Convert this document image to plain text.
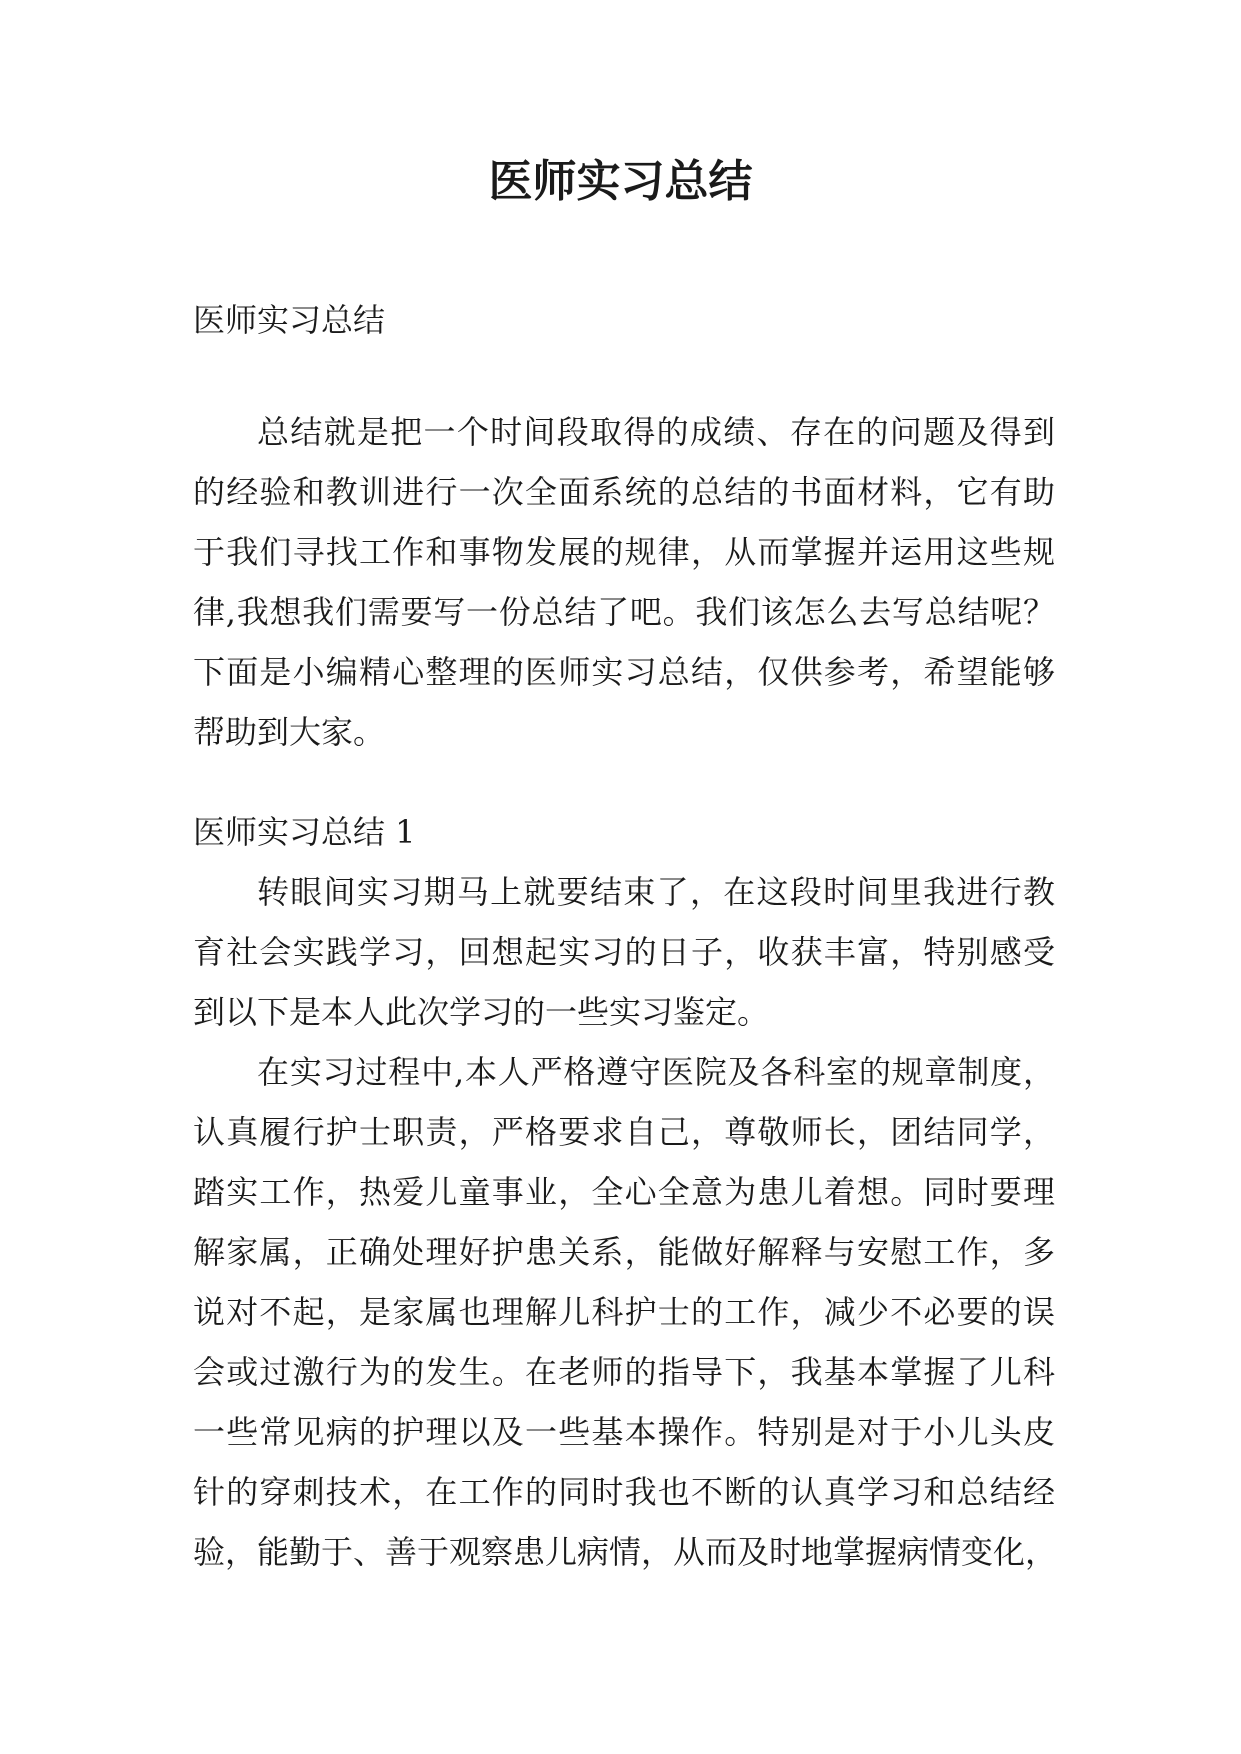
医师实习总结
医师实习总结
总结就是把一个时间段取得的成绩、存在的问题及得到
的经验和教训进行一次全面系统的总结的书面材料，它有助
于我们寻找工作和事物发展的规律，从而掌握并运用这些规
律,我想我们需要写一份总结了吧。我们该怎么去写总结呢？
下面是小编精心整理的医师实习总结，仅供参考，希望能够
帮助到大家。
医师实习总结 1
转眼间实习期马上就要结束了，在这段时间里我进行教
育社会实践学习，回想起实习的日子，收获丰富，特别感受
到以下是本人此次学习的一些实习鉴定。
在实习过程中,本人严格遵守医院及各科室的规章制度，
认真履行护士职责，严格要求自己，尊敬师长，团结同学，
踏实工作，热爱儿童事业，全心全意为患儿着想。同时要理
解家属，正确处理好护患关系，能做好解释与安慰工作，多
说对不起，是家属也理解儿科护士的工作，减少不必要的误
会或过激行为的发生。在老师的指导下，我基本掌握了儿科
一些常见病的护理以及一些基本操作。特别是对于小儿头皮
针的穿刺技术，在工作的同时我也不断的认真学习和总结经
验，能勤于、善于观察患儿病情，从而及时地掌握病情变化，
